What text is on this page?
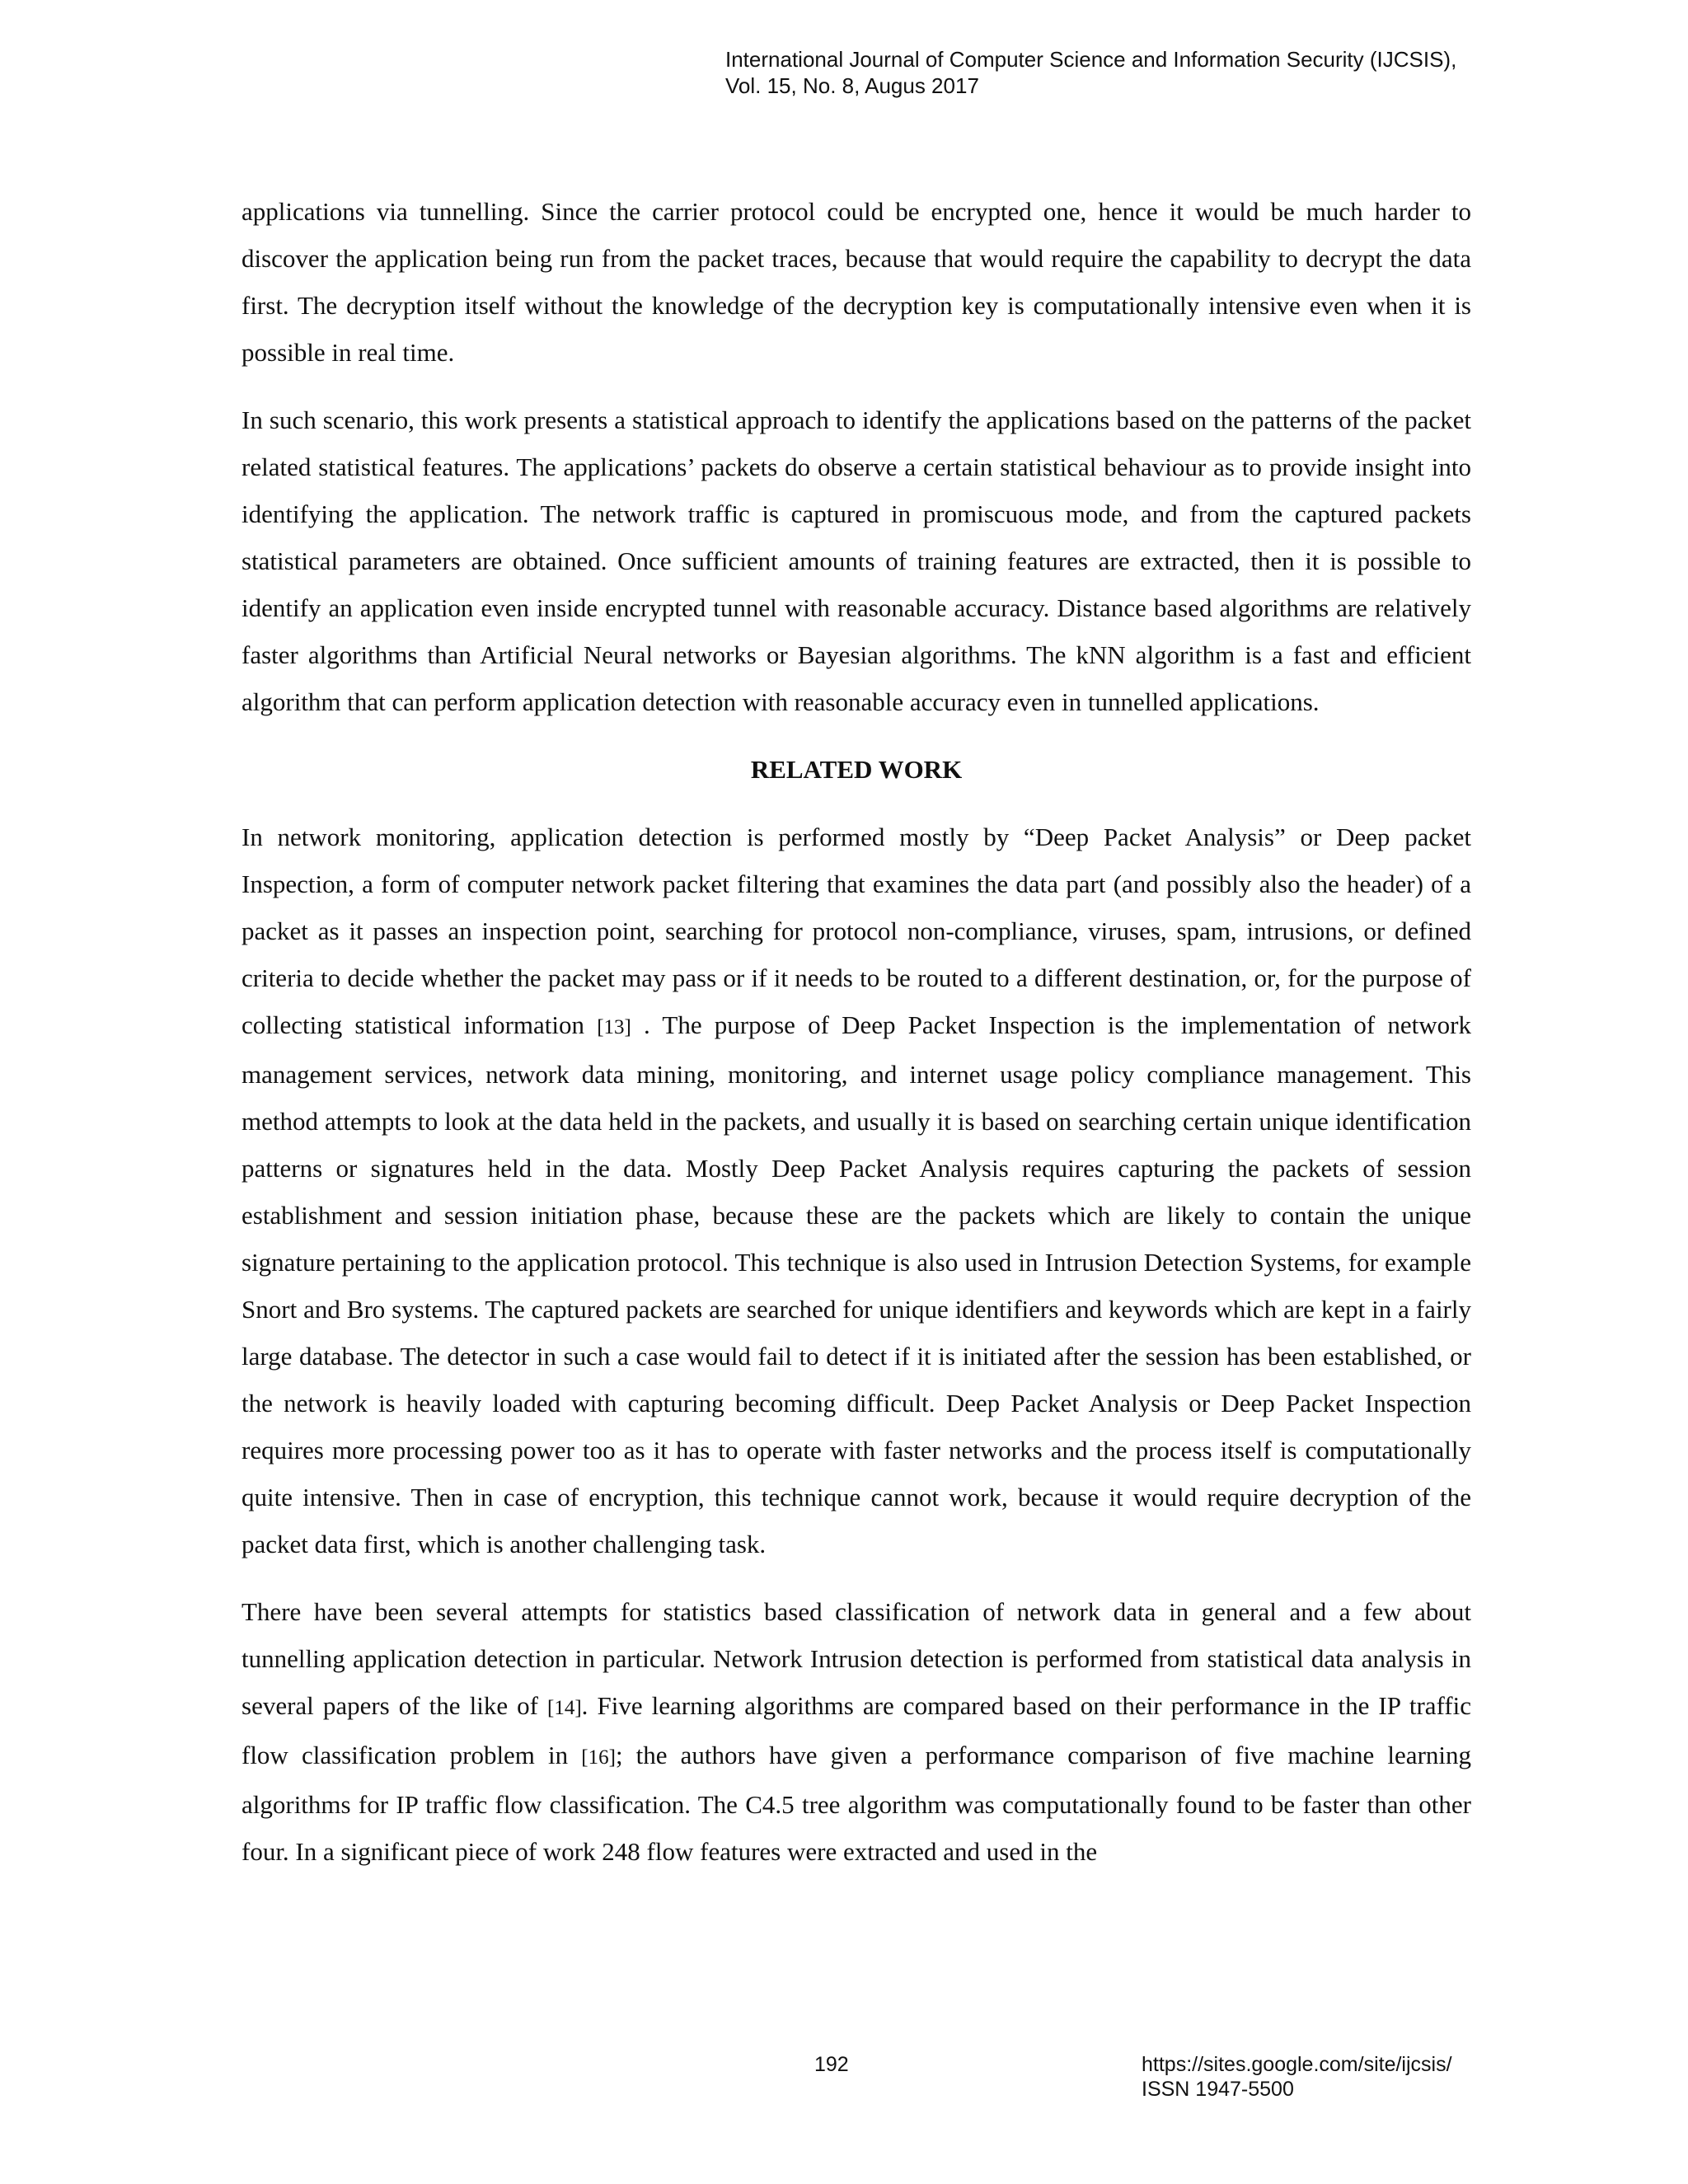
International Journal of Computer Science and Information Security (IJCSIS),
Vol. 15, No. 8, Augus 2017

applications via tunnelling. Since the carrier protocol could be encrypted one, hence it would be much harder to discover the application being run from the packet traces, because that would require the capability to decrypt the data first. The decryption itself without the knowledge of the decryption key is computationally intensive even when it is possible in real time.

In such scenario, this work presents a statistical approach to identify the applications based on the patterns of the packet related statistical features. The applications’ packets do observe a certain statistical behaviour as to provide insight into identifying the application. The network traffic is captured in promiscuous mode, and from the captured packets statistical parameters are obtained. Once sufficient amounts of training features are extracted, then it is possible to identify an application even inside encrypted tunnel with reasonable accuracy. Distance based algorithms are relatively faster algorithms than Artificial Neural networks or Bayesian algorithms. The kNN algorithm is a fast and efficient algorithm that can perform application detection with reasonable accuracy even in tunnelled applications.

RELATED WORK

In network monitoring, application detection is performed mostly by “Deep Packet Analysis” or Deep packet Inspection, a form of computer network packet filtering that examines the data part (and possibly also the header) of a packet as it passes an inspection point, searching for protocol non-compliance, viruses, spam, intrusions, or defined criteria to decide whether the packet may pass or if it needs to be routed to a different destination, or, for the purpose of collecting statistical information [13] . The purpose of Deep Packet Inspection is the implementation of network management services, network data mining, monitoring, and internet usage policy compliance management. This method attempts to look at the data held in the packets, and usually it is based on searching certain unique identification patterns or signatures held in the data. Mostly Deep Packet Analysis requires capturing the packets of session establishment and session initiation phase, because these are the packets which are likely to contain the unique signature pertaining to the application protocol. This technique is also used in Intrusion Detection Systems, for example Snort and Bro systems. The captured packets are searched for unique identifiers and keywords which are kept in a fairly large database. The detector in such a case would fail to detect if it is initiated after the session has been established, or the network is heavily loaded with capturing becoming difficult. Deep Packet Analysis or Deep Packet Inspection requires more processing power too as it has to operate with faster networks and the process itself is computationally quite intensive. Then in case of encryption, this technique cannot work, because it would require decryption of the packet data first, which is another challenging task.

There have been several attempts for statistics based classification of network data in general and a few about tunnelling application detection in particular. Network Intrusion detection is performed from statistical data analysis in several papers of the like of [14]. Five learning algorithms are compared based on their performance in the IP traffic flow classification problem in [16]; the authors have given a performance comparison of five machine learning algorithms for IP traffic flow classification. The C4.5 tree algorithm was computationally found to be faster than other four. In a significant piece of work 248 flow features were extracted and used in the

192	https://sites.google.com/site/ijcsis/
ISSN 1947-5500
